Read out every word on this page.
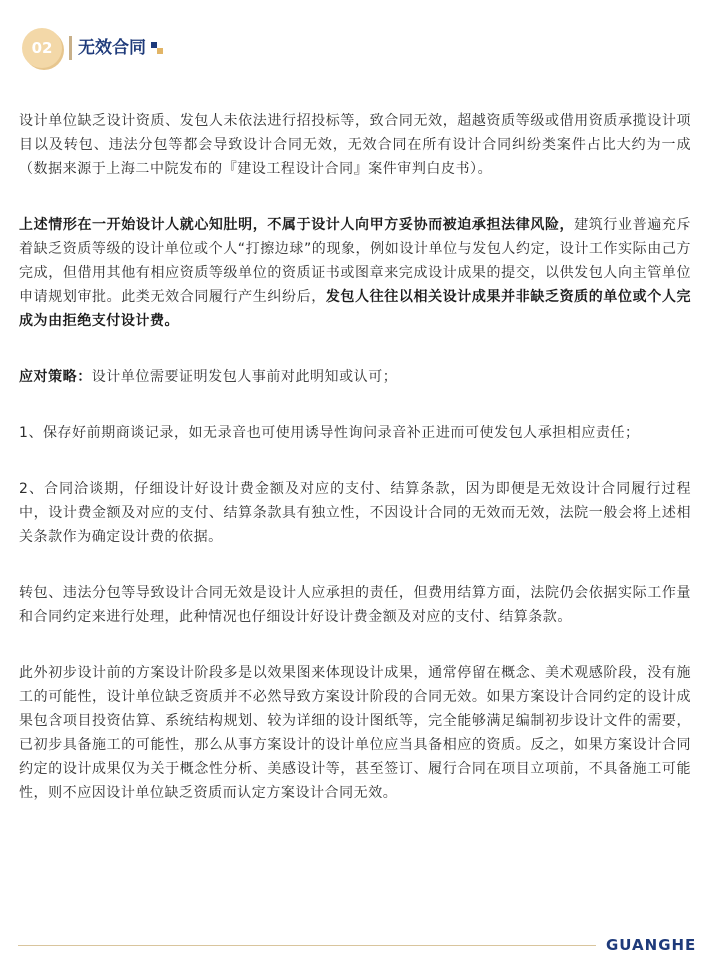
02	无效合同

设计单位缺乏设计资质、发包人未依法进行招投标等，致合同无效，超越资质等级或借用资质承揽设计项目以及转包、违法分包等都会导致设计合同无效，无效合同在所有设计合同纠纷类案件占比大约为一成（数据来源于上海二中院发布的『建设工程设计合同』案件审判白皮书）。

上述情形在一开始设计人就心知肚明，不属于设计人向甲方妥协而被迫承担法律风险，建筑行业普遍充斥着缺乏资质等级的设计单位或个人“打擦边球”的现象，例如设计单位与发包人约定，设计工作实际由己方完成，但借用其他有相应资质等级单位的资质证书或图章来完成设计成果的提交，以供发包人向主管单位申请规划审批。此类无效合同履行产生纠纷后，发包人往往以相关设计成果并非缺乏资质的单位或个人完成为由拒绝支付设计费。

应对策略：设计单位需要证明发包人事前对此明知或认可；

1、保存好前期商谈记录，如无录音也可使用诱导性询问录音补正进而可使发包人承担相应责任；

2、合同洽谈期，仔细设计好设计费金额及对应的支付、结算条款，因为即便是无效设计合同履行过程中，设计费金额及对应的支付、结算条款具有独立性，不因设计合同的无效而无效，法院一般会将上述相关条款作为确定设计费的依据。

转包、违法分包等导致设计合同无效是设计人应承担的责任，但费用结算方面，法院仍会依据实际工作量和合同约定来进行处理，此种情况也仔细设计好设计费金额及对应的支付、结算条款。

此外初步设计前的方案设计阶段多是以效果图来体现设计成果，通常停留在概念、美术观感阶段，没有施工的可能性，设计单位缺乏资质并不必然导致方案设计阶段的合同无效。如果方案设计合同约定的设计成果包含项目投资估算、系统结构规划、较为详细的设计图纸等，完全能够满足编制初步设计文件的需要，已初步具备施工的可能性，那么从事方案设计的设计单位应当具备相应的资质。反之，如果方案设计合同约定的设计成果仅为关于概念性分析、美感设计等，甚至签订、履行合同在项目立项前，不具备施工可能性，则不应因设计单位缺乏资质而认定方案设计合同无效。

GUANGHE
